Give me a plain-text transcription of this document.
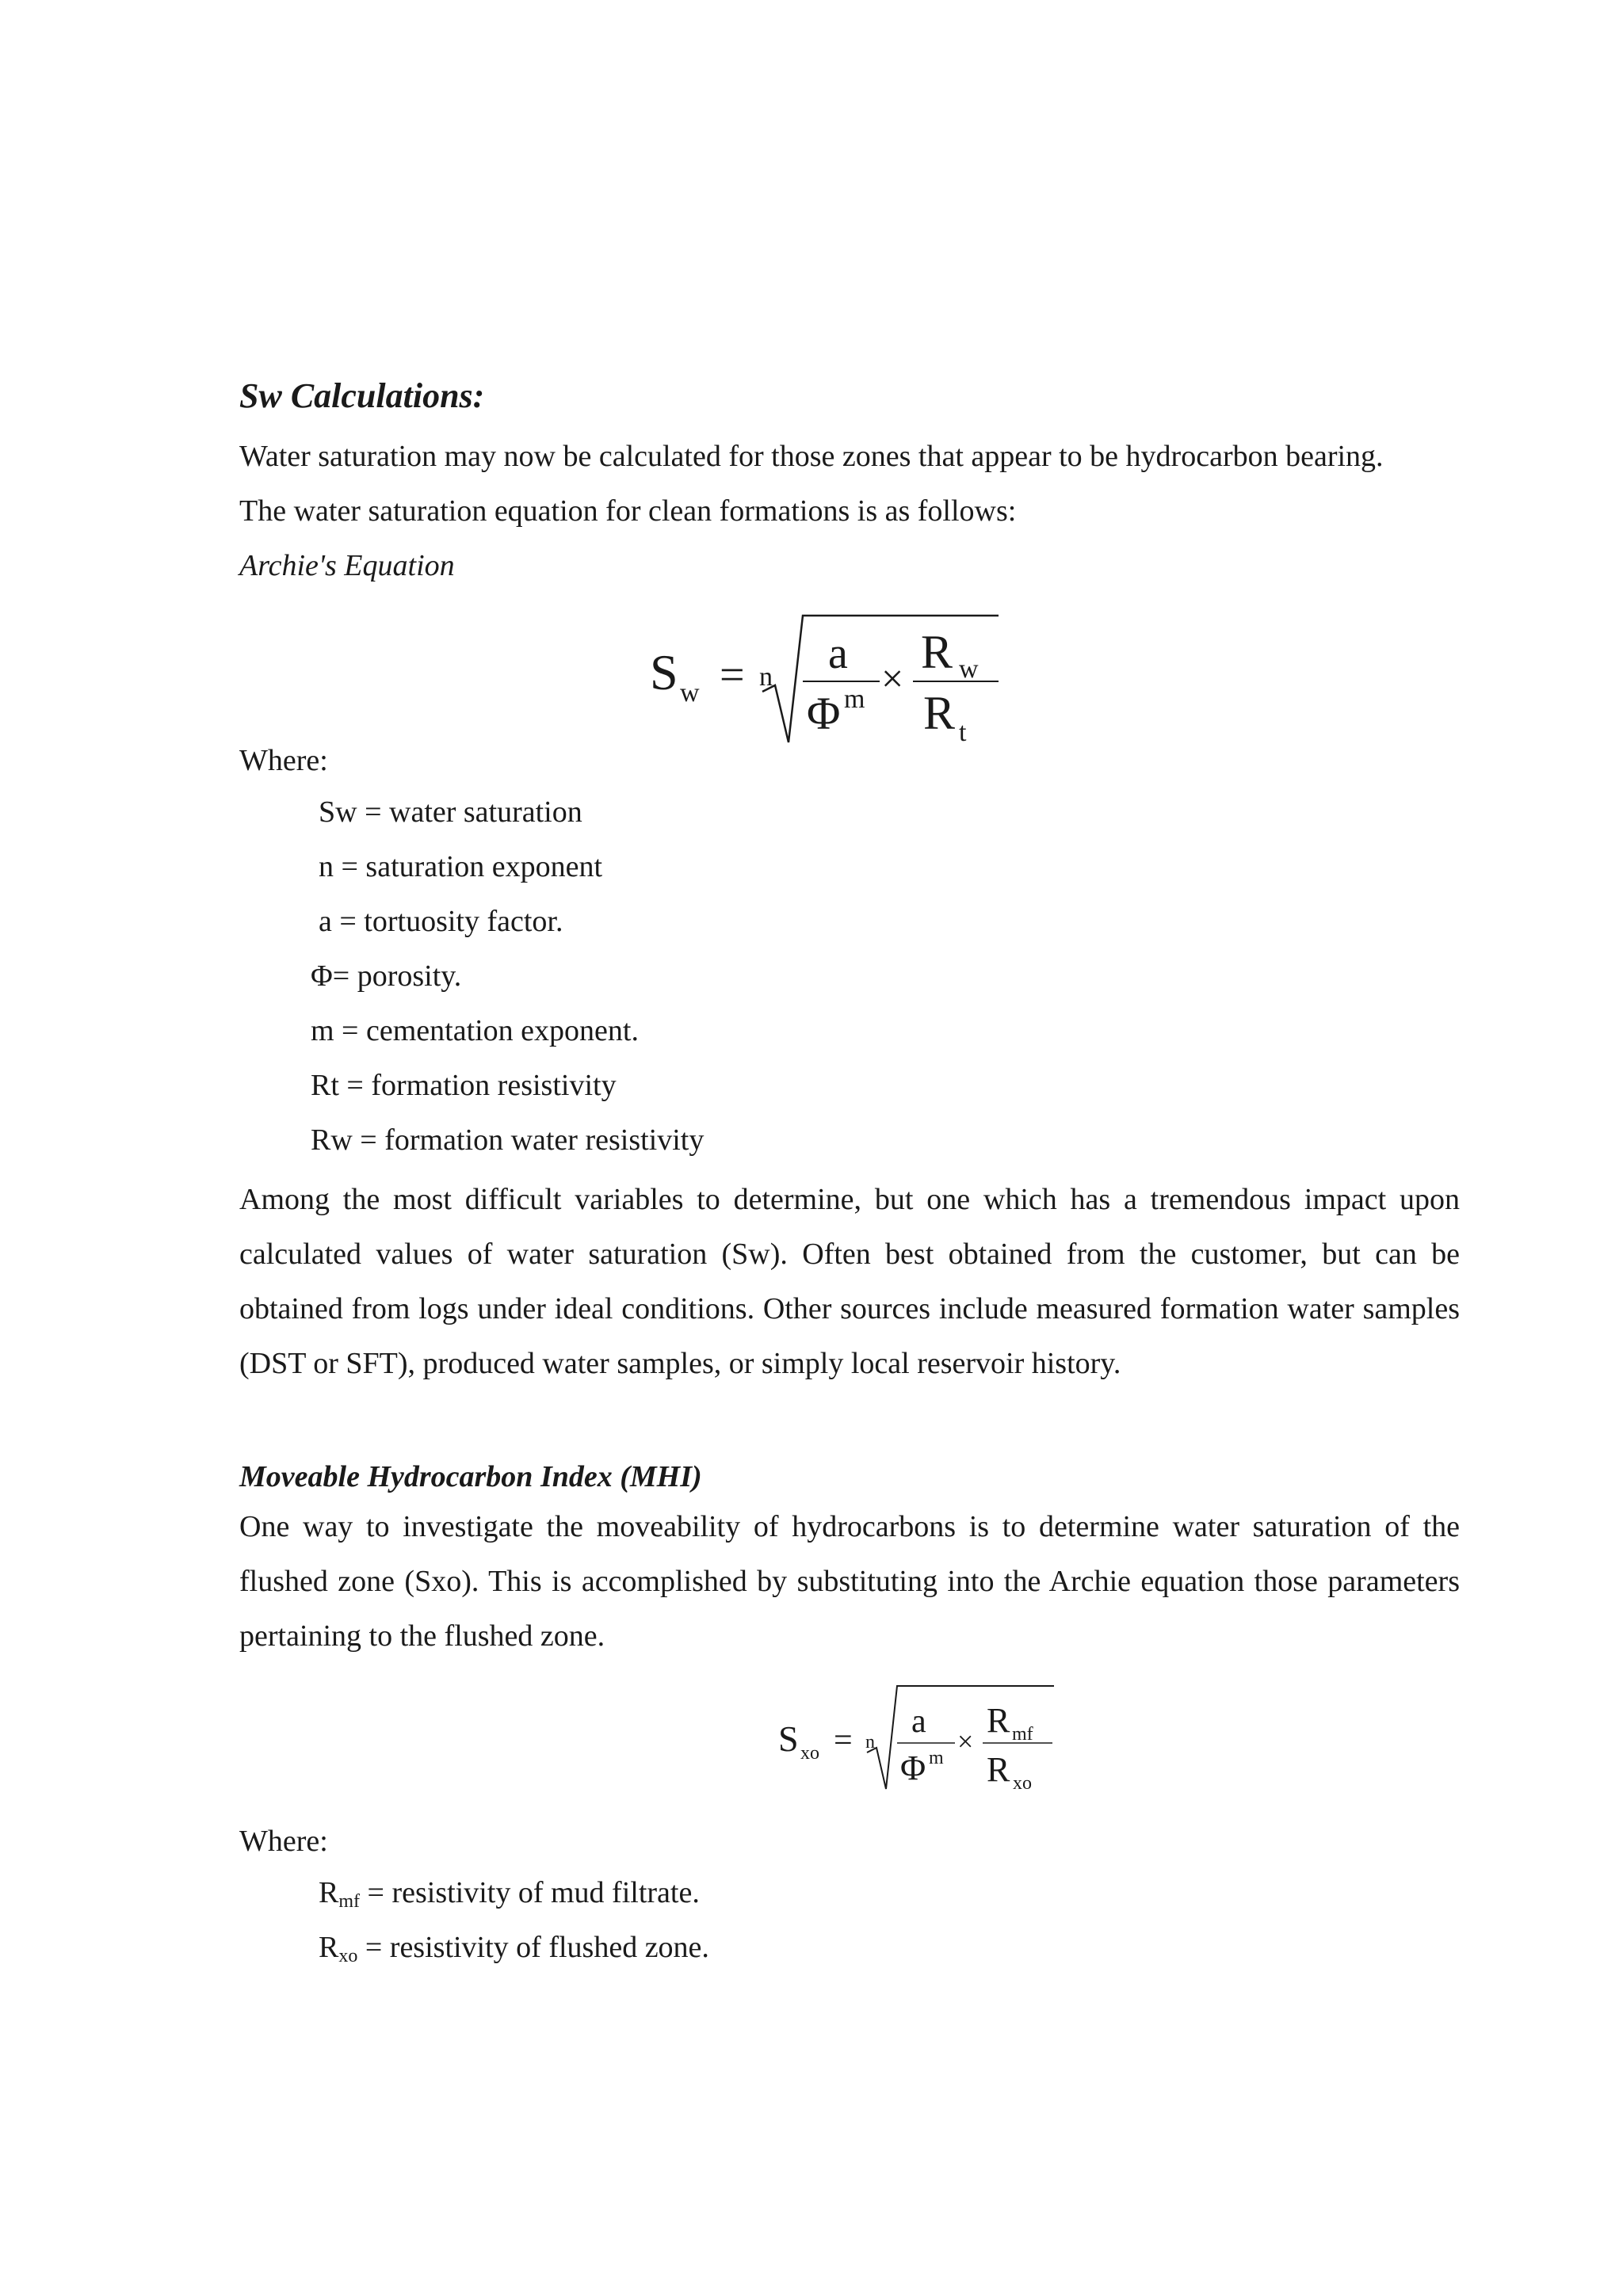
Sw Calculations:

Water saturation may now be calculated for those zones that appear to be hydrocarbon bearing.

The water saturation equation for clean formations is as follows:

Archie's Equation

S w = n a
Φ m × R w
R t

Where:

Sw = water saturation

n = saturation exponent

a = tortuosity factor.

Φ= porosity.

m = cementation exponent.

Rt = formation resistivity

Rw = formation water resistivity

Among the most difficult variables to determine, but one which has a tremendous impact upon calculated values of water saturation (Sw). Often best obtained from the customer, but can be obtained from logs under ideal conditions. Other sources include measured formation water samples (DST or SFT), produced water samples, or simply local reservoir history.

Moveable Hydrocarbon Index (MHI)

One way to investigate the moveability of hydrocarbons is to determine water saturation of the flushed zone (Sxo). This is accomplished by substituting into the Archie equation those parameters pertaining to the flushed zone.

S xo = n
a
Φ m
×
R mf
R xo

Where:

$R_{mf}$ = resistivity of mud filtrate.

$R_{xo}$ = resistivity of flushed zone.
